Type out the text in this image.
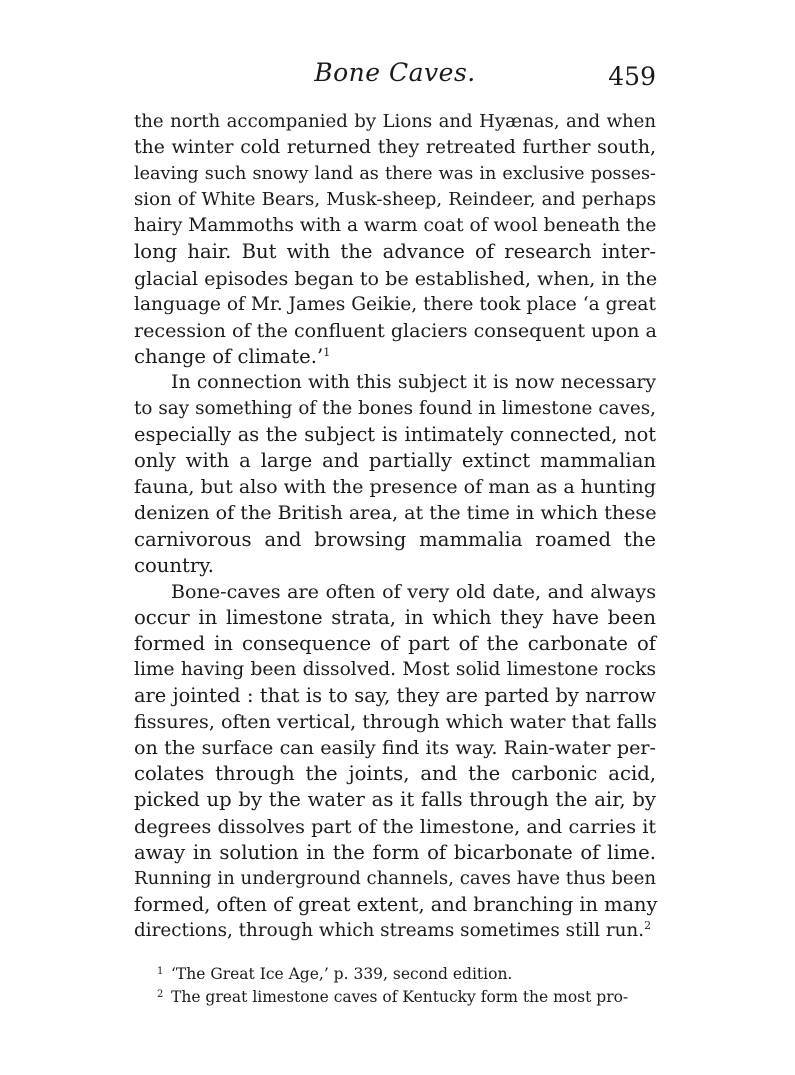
Bone Caves.	459
the north accompanied by Lions and Hyænas, and when
the winter cold returned they retreated further south,
leaving such snowy land as there was in exclusive posses-
sion of White Bears, Musk-sheep, Reindeer, and perhaps
hairy Mammoths with a warm coat of wool beneath the
long hair. But with the advance of research inter-
glacial episodes began to be established, when, in the
language of Mr. James Geikie, there took place ‘a great
recession of the confluent glaciers consequent upon a
change of climate.’$^1$
In connection with this subject it is now necessary
to say something of the bones found in limestone caves,
especially as the subject is intimately connected, not
only with a large and partially extinct mammalian
fauna, but also with the presence of man as a hunting
denizen of the British area, at the time in which these
carnivorous and browsing mammalia roamed the
country.
Bone-caves are often of very old date, and always
occur in limestone strata, in which they have been
formed in consequence of part of the carbonate of
lime having been dissolved. Most solid limestone rocks
are jointed : that is to say, they are parted by narrow
fissures, often vertical, through which water that falls
on the surface can easily find its way. Rain-water per-
colates through the joints, and the carbonic acid,
picked up by the water as it falls through the air, by
degrees dissolves part of the limestone, and carries it
away in solution in the form of bicarbonate of lime.
Running in underground channels, caves have thus been
formed, often of great extent, and branching in many
directions, through which streams sometimes still run.$^2$
1 ‘The Great Ice Age,’ p. 339, second edition.
2 The great limestone caves of Kentucky form the most pro-
